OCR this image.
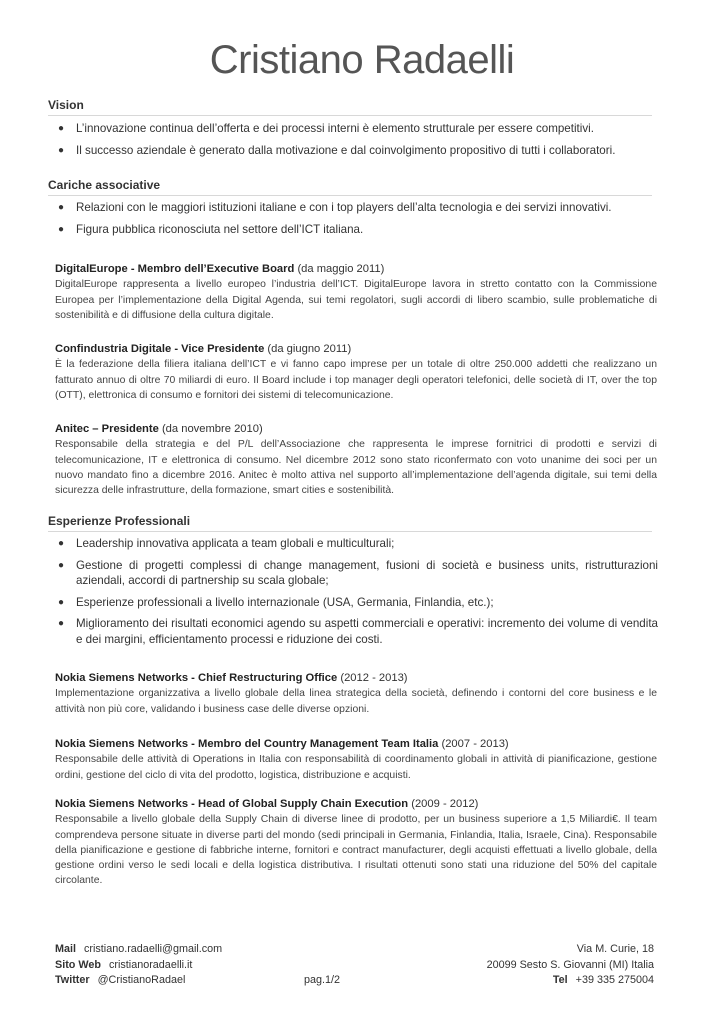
Cristiano Radaelli
Vision
● L’innovazione continua dell’offerta e dei processi interni è elemento strutturale per essere competitivi.
● Il successo aziendale è generato dalla motivazione e dal coinvolgimento propositivo di tutti i collaboratori.
Cariche associative
● Relazioni con le maggiori istituzioni italiane e con i top players dell’alta tecnologia e dei servizi innovativi.
● Figura pubblica riconosciuta nel settore dell’ICT italiana.
DigitalEurope - Membro dell’Executive Board (da maggio 2011)

DigitalEurope rappresenta a livello europeo l’industria dell’ICT. DigitalEurope lavora in stretto contatto con la Commissione Europea per l’implementazione della Digital Agenda, sui temi regolatori, sugli accordi di libero scambio, sulle problematiche di sostenibilità e di diffusione della cultura digitale.

Confindustria Digitale - Vice Presidente (da giugno 2011)

È la federazione della filiera italiana dell’ICT e vi fanno capo imprese per un totale di oltre 250.000 addetti che realizzano un fatturato annuo di oltre 70 miliardi di euro. Il Board include i top manager degli operatori telefonici, delle società di IT, over the top (OTT), elettronica di consumo e fornitori dei sistemi di telecomunicazione.

Anitec – Presidente (da novembre 2010)

Responsabile della strategia e del P/L dell’Associazione che rappresenta le imprese fornitrici di prodotti e servizi di telecomunicazione, IT e elettronica di consumo. Nel dicembre 2012 sono stato riconfermato con voto unanime dei soci per un nuovo mandato fino a dicembre 2016. Anitec è molto attiva nel supporto all’implementazione dell’agenda digitale, sui temi della sicurezza delle infrastrutture, della formazione, smart cities e sostenibilità.

Esperienze Professionali
● Leadership innovativa applicata a team globali e multiculturali;
● Gestione di progetti complessi di change management, fusioni di società e business units, ristrutturazioni aziendali, accordi di partnership su scala globale;
● Esperienze professionali a livello internazionale (USA, Germania, Finlandia, etc.);
● Miglioramento dei risultati economici agendo su aspetti commerciali e operativi: incremento dei volume di vendita e dei margini, efficientamento processi e riduzione dei costi.
Nokia Siemens Networks - Chief Restructuring Office (2012 - 2013)

Implementazione organizzativa a livello globale della linea strategica della società, definendo i contorni del core business e le attività non più core, validando i business case delle diverse opzioni.

Nokia Siemens Networks - Membro del Country Management Team Italia (2007 - 2013)

Responsabile delle attività di Operations in Italia con responsabilità di coordinamento globali in attività di pianificazione, gestione ordini, gestione del ciclo di vita del prodotto, logistica, distribuzione e acquisti.

Nokia Siemens Networks - Head of Global Supply Chain Execution (2009 - 2012)

Responsabile a livello globale della Supply Chain di diverse linee di prodotto, per un business superiore a 1,5 Miliardi€. Il team comprendeva persone situate in diverse parti del mondo (sedi principali in Germania, Finlandia, Italia, Israele, Cina). Responsabile della pianificazione e gestione di fabbriche interne, fornitori e contract manufacturer, degli acquisti effettuati a livello globale, della gestione ordini verso le sedi locali e della logistica distributiva. I risultati ottenuti sono stati una riduzione del 50% del capitale circolante.

Mail cristiano.radaelli@gmail.com
Sito Web cristianoradaelli.it
Twitter @CristianoRadael	pag.1/2
Via M. Curie, 18
20099 Sesto S. Giovanni (MI) Italia
Tel +39 335 275004
